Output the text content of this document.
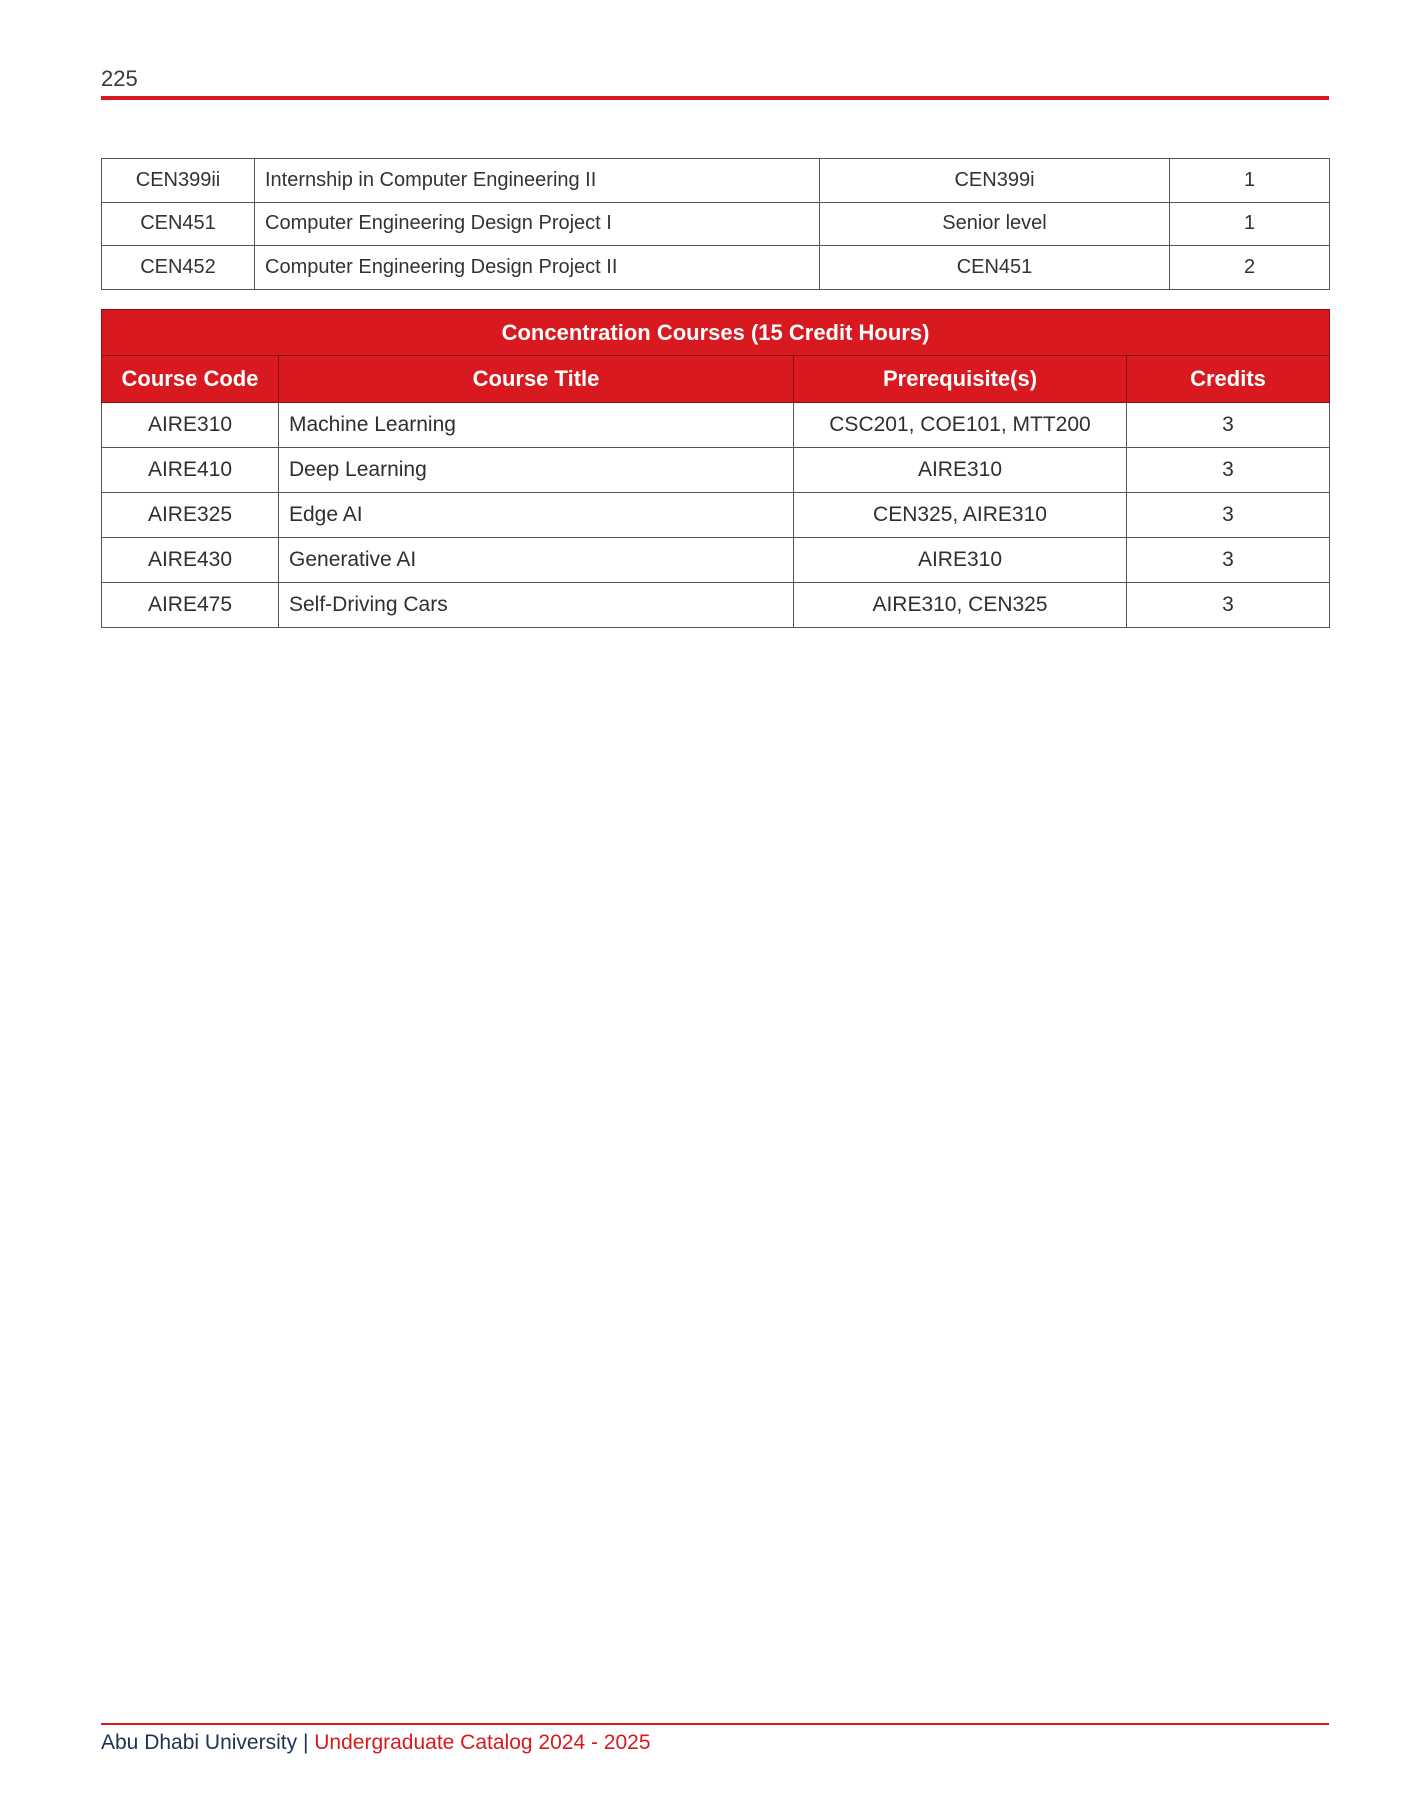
225
CEN399ii	Internship in Computer Engineering II	CEN399i	1
CEN451	Computer Engineering Design Project I	Senior level	1
CEN452	Computer Engineering Design Project II	CEN451	2
Concentration Courses (15 Credit Hours)			
Course Code	Course Title	Prerequisite(s)	Credits
AIRE310	Machine Learning	CSC201, COE101, MTT200	3
AIRE410	Deep Learning	AIRE310	3
AIRE325	Edge AI	CEN325, AIRE310	3
AIRE430	Generative AI	AIRE310	3
AIRE475	Self-Driving Cars	AIRE310, CEN325	3
Abu Dhabi University | Undergraduate Catalog 2024 - 2025
